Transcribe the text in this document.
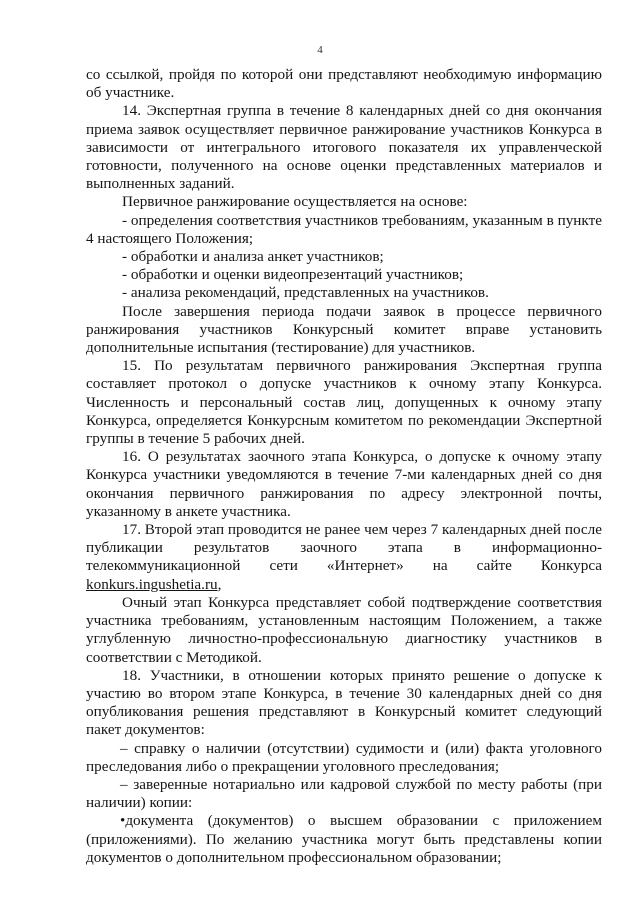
4

со ссылкой, пройдя по которой они представляют необходимую информацию об участнике.

14. Экспертная группа в течение 8 календарных дней со дня окончания приема заявок осуществляет первичное ранжирование участников Конкурса в зависимости от интегрального итогового показателя их управленческой готовности, полученного на основе оценки представленных материалов и выполненных заданий.

Первичное ранжирование осуществляется на основе:

- определения соответствия участников требованиям, указанным в пункте 4 настоящего Положения;

- обработки и анализа анкет участников;

- обработки и оценки видеопрезентаций участников;

- анализа рекомендаций, представленных на участников.

После завершения периода подачи заявок в процессе первичного ранжирования участников Конкурсный комитет вправе установить дополнительные испытания (тестирование) для участников.

15. По результатам первичного ранжирования Экспертная группа составляет протокол о допуске участников к очному этапу Конкурса. Численность и персональный состав лиц, допущенных к очному этапу Конкурса, определяется Конкурсным комитетом по рекомендации Экспертной группы в течение 5 рабочих дней.

16. О результатах заочного этапа Конкурса, о допуске к очному этапу Конкурса участники уведомляются в течение 7-ми календарных дней со дня окончания первичного ранжирования по адресу электронной почты, указанному в анкете участника.

17. Второй этап проводится не ранее чем через 7 календарных дней после публикации результатов заочного этапа в информационно-телекоммуникационной сети «Интернет» на сайте Конкурса konkurs.ingushetia.ru,

Очный этап Конкурса представляет собой подтверждение соответствия участника требованиям, установленным настоящим Положением, а также углубленную личностно-профессиональную диагностику участников в соответствии с Методикой.

18. Участники, в отношении которых принято решение о допуске к участию во втором этапе Конкурса, в течение 30 календарных дней со дня опубликования решения представляют в Конкурсный комитет следующий пакет документов:

– справку о наличии (отсутствии) судимости и (или) факта уголовного преследования либо о прекращении уголовного преследования;

– заверенные нотариально или кадровой службой по месту работы (при наличии) копии:

•документа (документов) о высшем образовании с приложением (приложениями). По желанию участника могут быть представлены копии документов о дополнительном профессиональном образовании;
